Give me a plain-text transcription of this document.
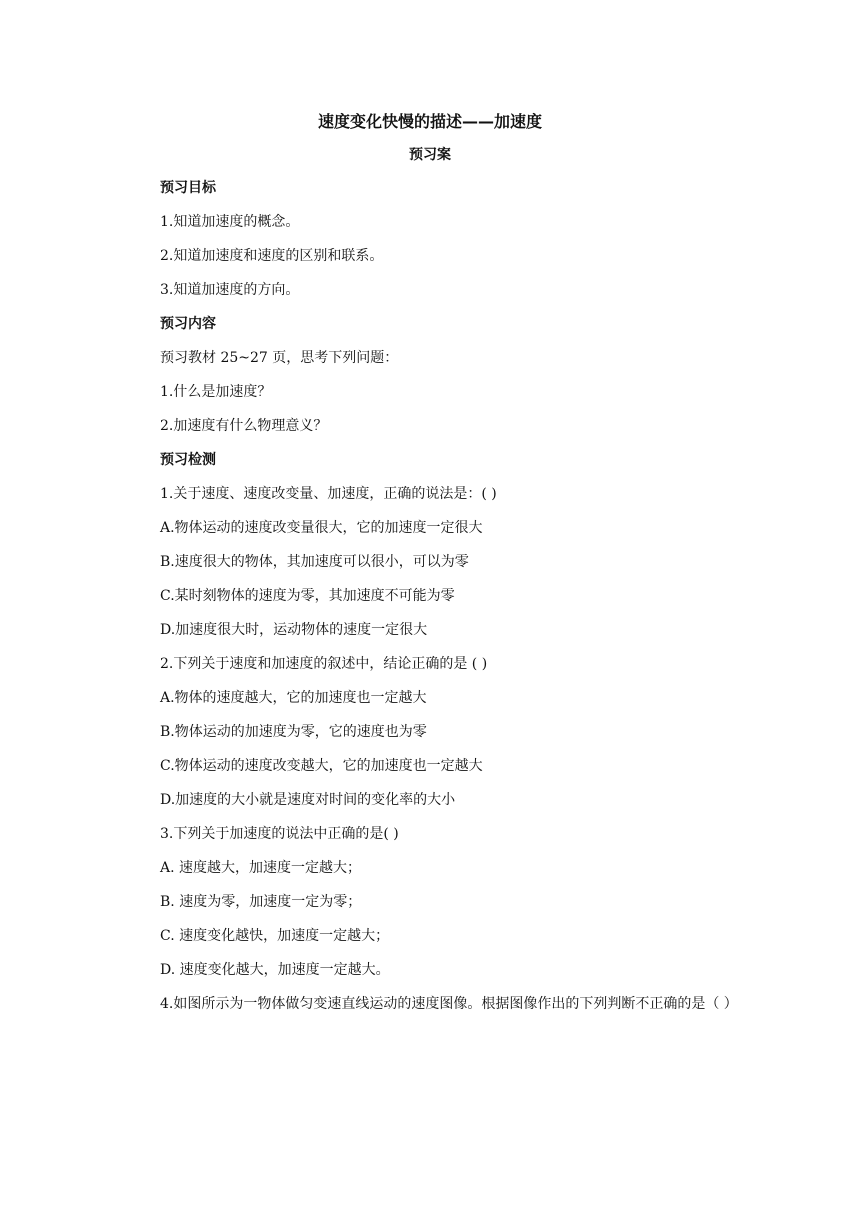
速度变化快慢的描述——加速度
预习案
预习目标
1.知道加速度的概念。
2.知道加速度和速度的区别和联系。
3.知道加速度的方向。
预习内容
预习教材 25~27 页，思考下列问题：
1.什么是加速度？
2.加速度有什么物理意义？
预习检测
1.关于速度、速度改变量、加速度，正确的说法是：( )
A.物体运动的速度改变量很大，它的加速度一定很大
B.速度很大的物体，其加速度可以很小，可以为零
C.某时刻物体的速度为零，其加速度不可能为零
D.加速度很大时，运动物体的速度一定很大
2.下列关于速度和加速度的叙述中，结论正确的是 ( )
A.物体的速度越大，它的加速度也一定越大
B.物体运动的加速度为零，它的速度也为零
C.物体运动的速度改变越大，它的加速度也一定越大
D.加速度的大小就是速度对时间的变化率的大小
3.下列关于加速度的说法中正确的是( )
A. 速度越大，加速度一定越大；
B. 速度为零，加速度一定为零；
C. 速度变化越快，加速度一定越大；
D. 速度变化越大，加速度一定越大。
4.如图所示为一物体做匀变速直线运动的速度图像。根据图像作出的下列判断不正确的是（ ）
